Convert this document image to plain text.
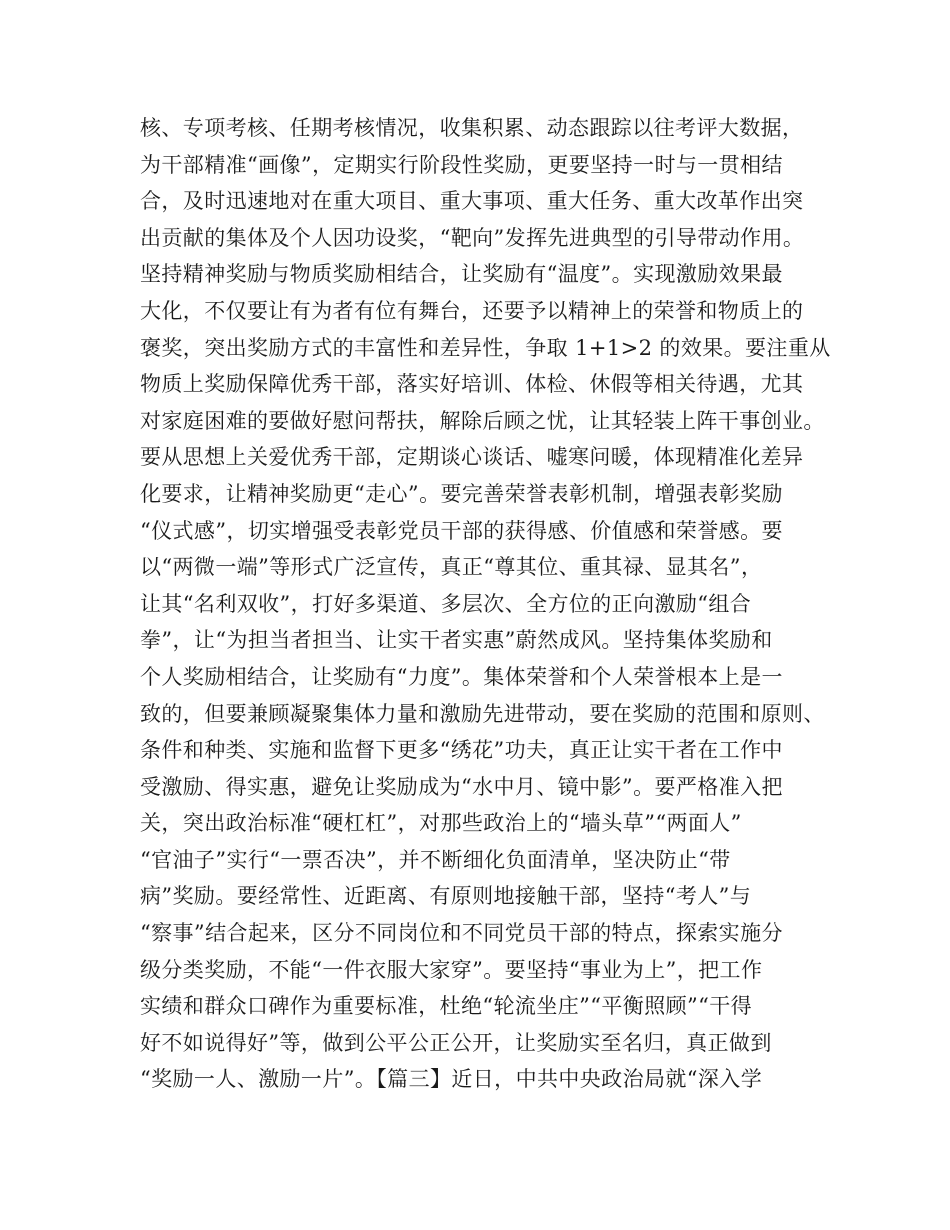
核、专项考核、任期考核情况，收集积累、动态跟踪以往考评大数据，
为干部精准“画像”，定期实行阶段性奖励，更要坚持一时与一贯相结
合，及时迅速地对在重大项目、重大事项、重大任务、重大改革作出突
出贡献的集体及个人因功设奖，“靶向”发挥先进典型的引导带动作用。
坚持精神奖励与物质奖励相结合，让奖励有“温度”。实现激励效果最
大化，不仅要让有为者有位有舞台，还要予以精神上的荣誉和物质上的
褒奖，突出奖励方式的丰富性和差异性，争取 1+1>2 的效果。要注重从
物质上奖励保障优秀干部，落实好培训、体检、休假等相关待遇，尤其
对家庭困难的要做好慰问帮扶，解除后顾之忧，让其轻装上阵干事创业。
要从思想上关爱优秀干部，定期谈心谈话、嘘寒问暖，体现精准化差异
化要求，让精神奖励更“走心”。要完善荣誉表彰机制，增强表彰奖励
“仪式感”，切实增强受表彰党员干部的获得感、价值感和荣誉感。要
以“两微一端”等形式广泛宣传，真正“尊其位、重其禄、显其名”，
让其“名利双收”，打好多渠道、多层次、全方位的正向激励“组合
拳”，让“为担当者担当、让实干者实惠”蔚然成风。坚持集体奖励和
个人奖励相结合，让奖励有“力度”。集体荣誉和个人荣誉根本上是一
致的，但要兼顾凝聚集体力量和激励先进带动，要在奖励的范围和原则、
条件和种类、实施和监督下更多“绣花”功夫，真正让实干者在工作中
受激励、得实惠，避免让奖励成为“水中月、镜中影”。要严格准入把
关，突出政治标准“硬杠杠”，对那些政治上的“墙头草”“两面人”
“官油子”实行“一票否决”，并不断细化负面清单，坚决防止“带
病”奖励。要经常性、近距离、有原则地接触干部，坚持“考人”与
“察事”结合起来，区分不同岗位和不同党员干部的特点，探索实施分
级分类奖励，不能“一件衣服大家穿”。要坚持“事业为上”，把工作
实绩和群众口碑作为重要标准，杜绝“轮流坐庄”“平衡照顾”“干得
好不如说得好”等，做到公平公正公开，让奖励实至名归，真正做到
“奖励一人、激励一片”。【篇三】近日，中共中央政治局就“深入学
